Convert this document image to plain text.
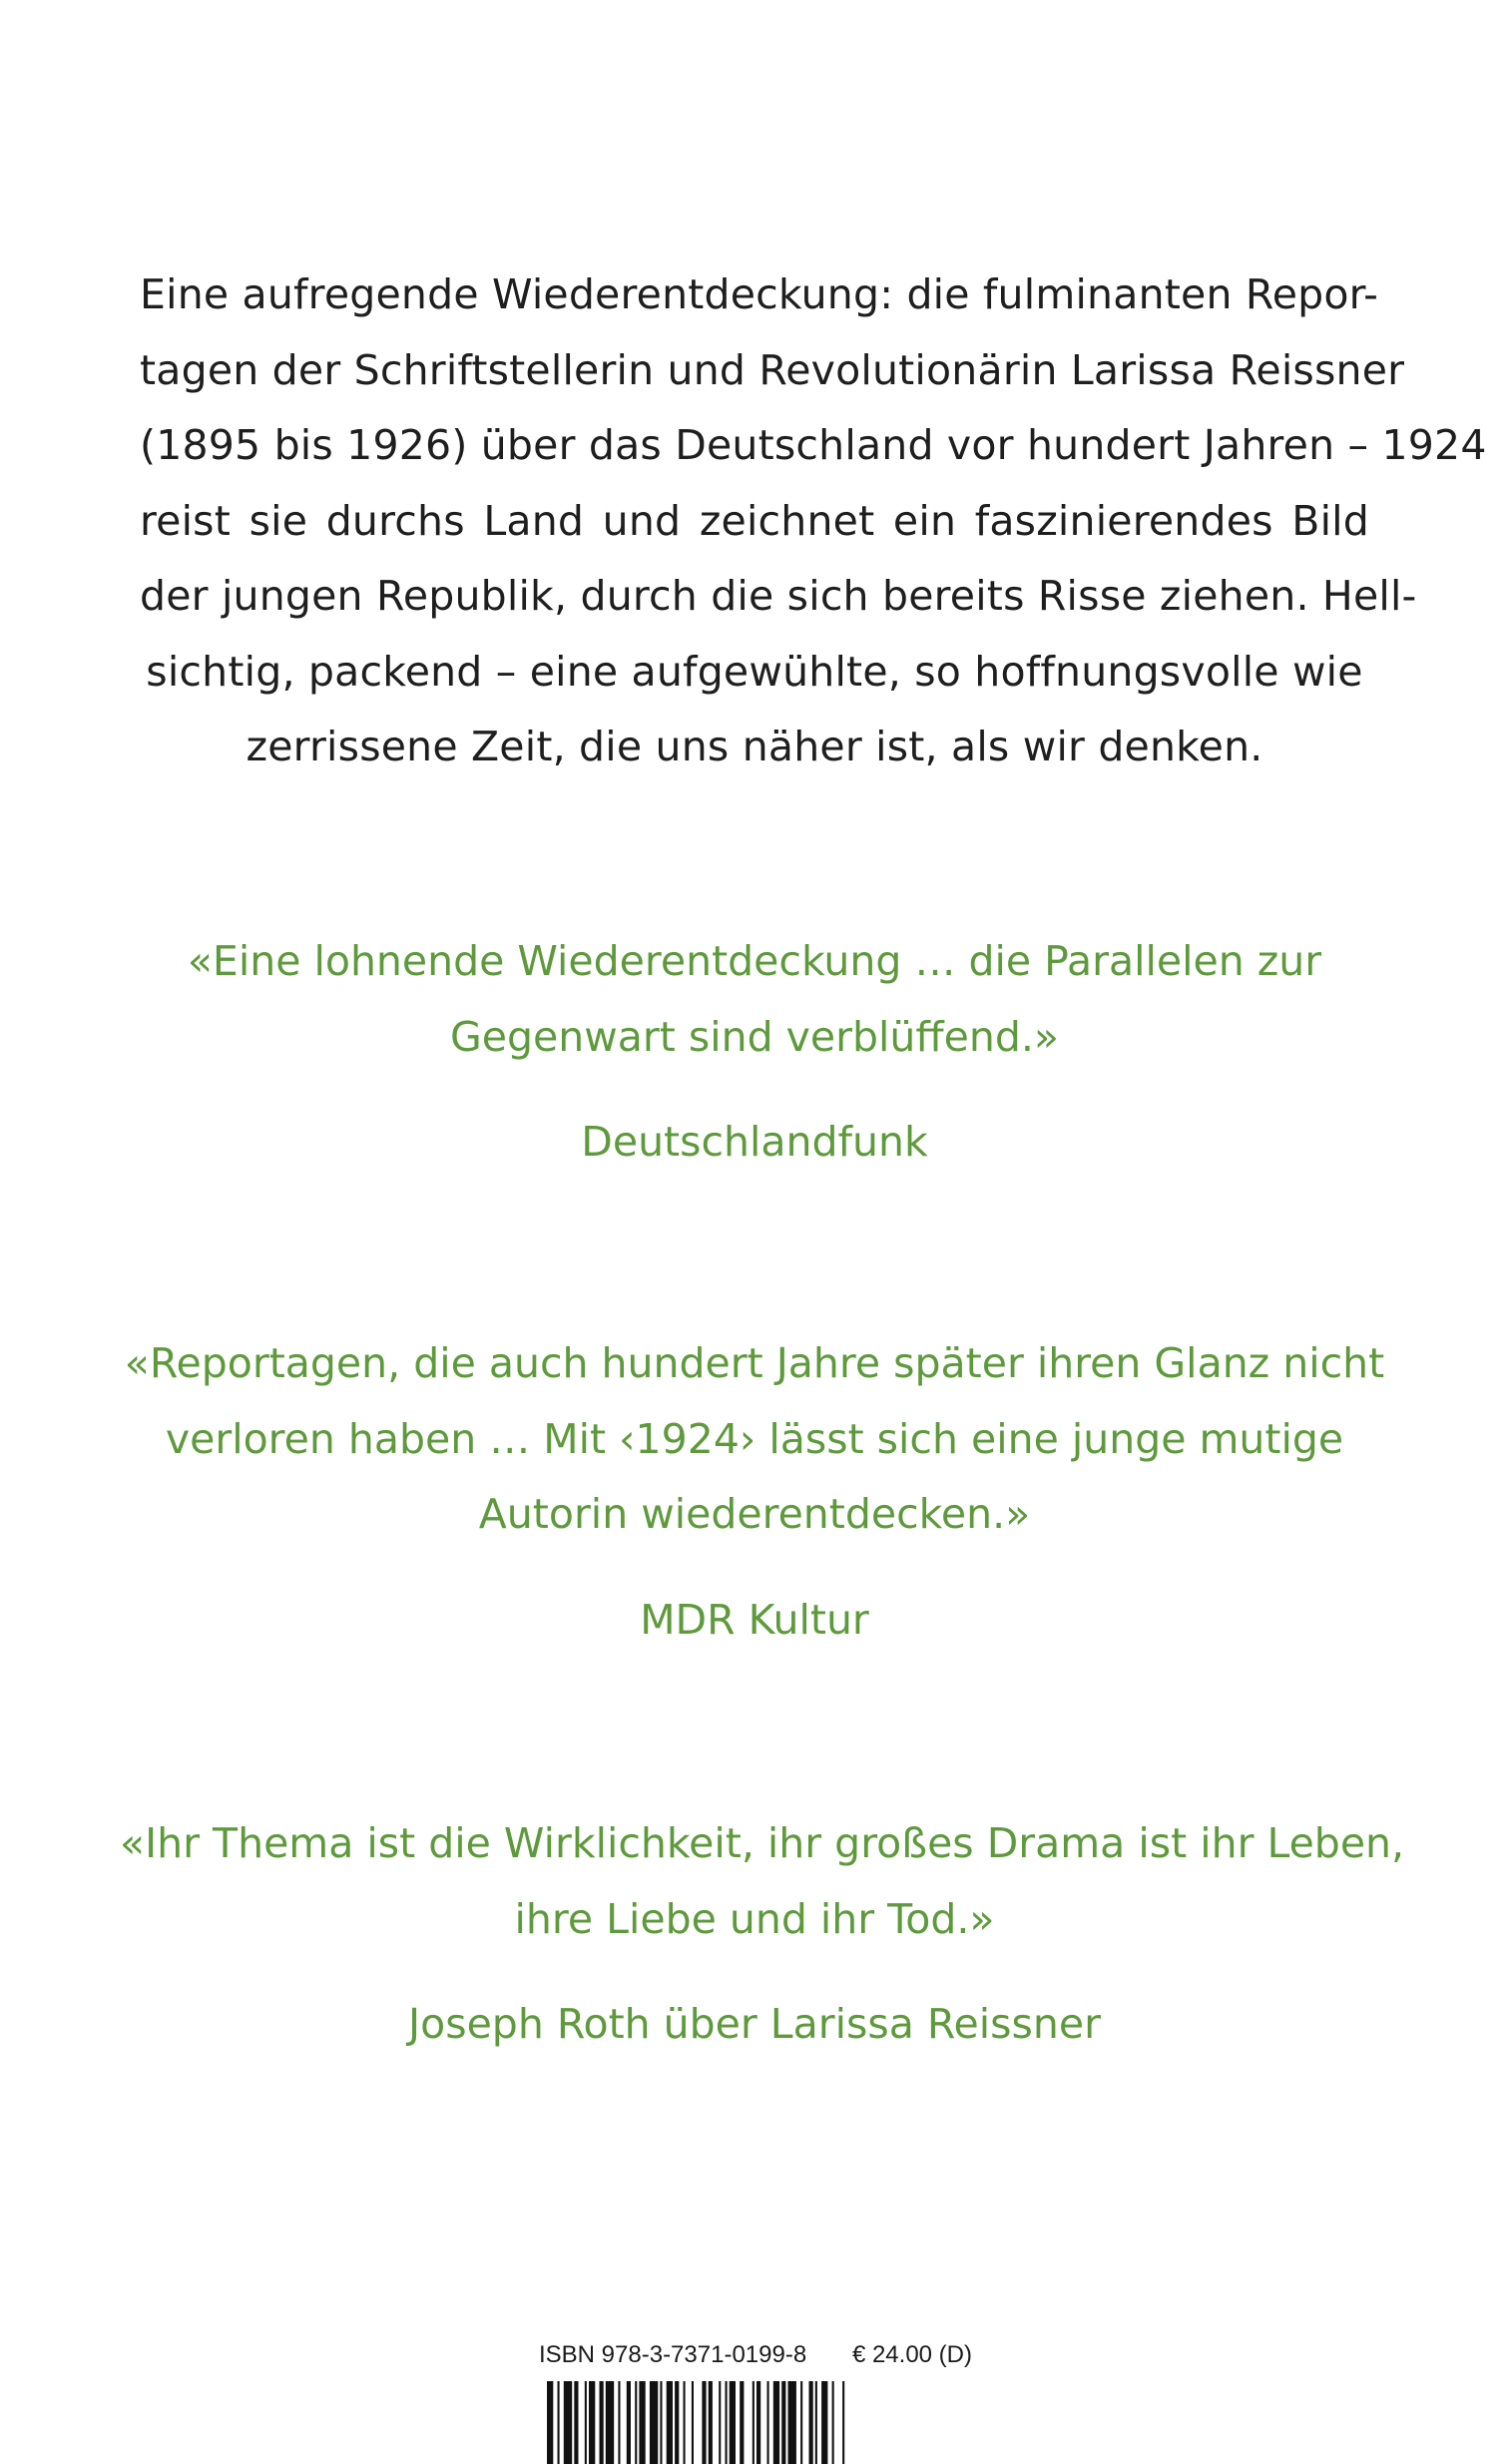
Eine aufregende Wiederentdeckung: die fulminanten Repor-
tagen der Schriftstellerin und Revolutionärin Larissa Reissner
(1895 bis 1926) über das Deutschland vor hundert Jahren – 1924
reist sie durchs Land und zeichnet ein faszinierendes Bild
der jungen Republik, durch die sich bereits Risse ziehen. Hell-
sichtig, packend – eine aufgewühlte, so hoffnungsvolle wie
zerrissene Zeit, die uns näher ist, als wir denken.
«Eine lohnende Wiederentdeckung … die Parallelen zur
Gegenwart sind verblüffend.»
Deutschlandfunk
«Reportagen, die auch hundert Jahre später ihren Glanz nicht
verloren haben … Mit ‹1924› lässt sich eine junge mutige
Autorin wiederentdecken.»
MDR Kultur
«Ihr Thema ist die Wirklichkeit, ihr großes Drama ist ihr Leben,
ihre Liebe und ihr Tod.»
Joseph Roth über Larissa Reissner
ISBN 978-3-7371-0199-8 € 24.00 (D)
